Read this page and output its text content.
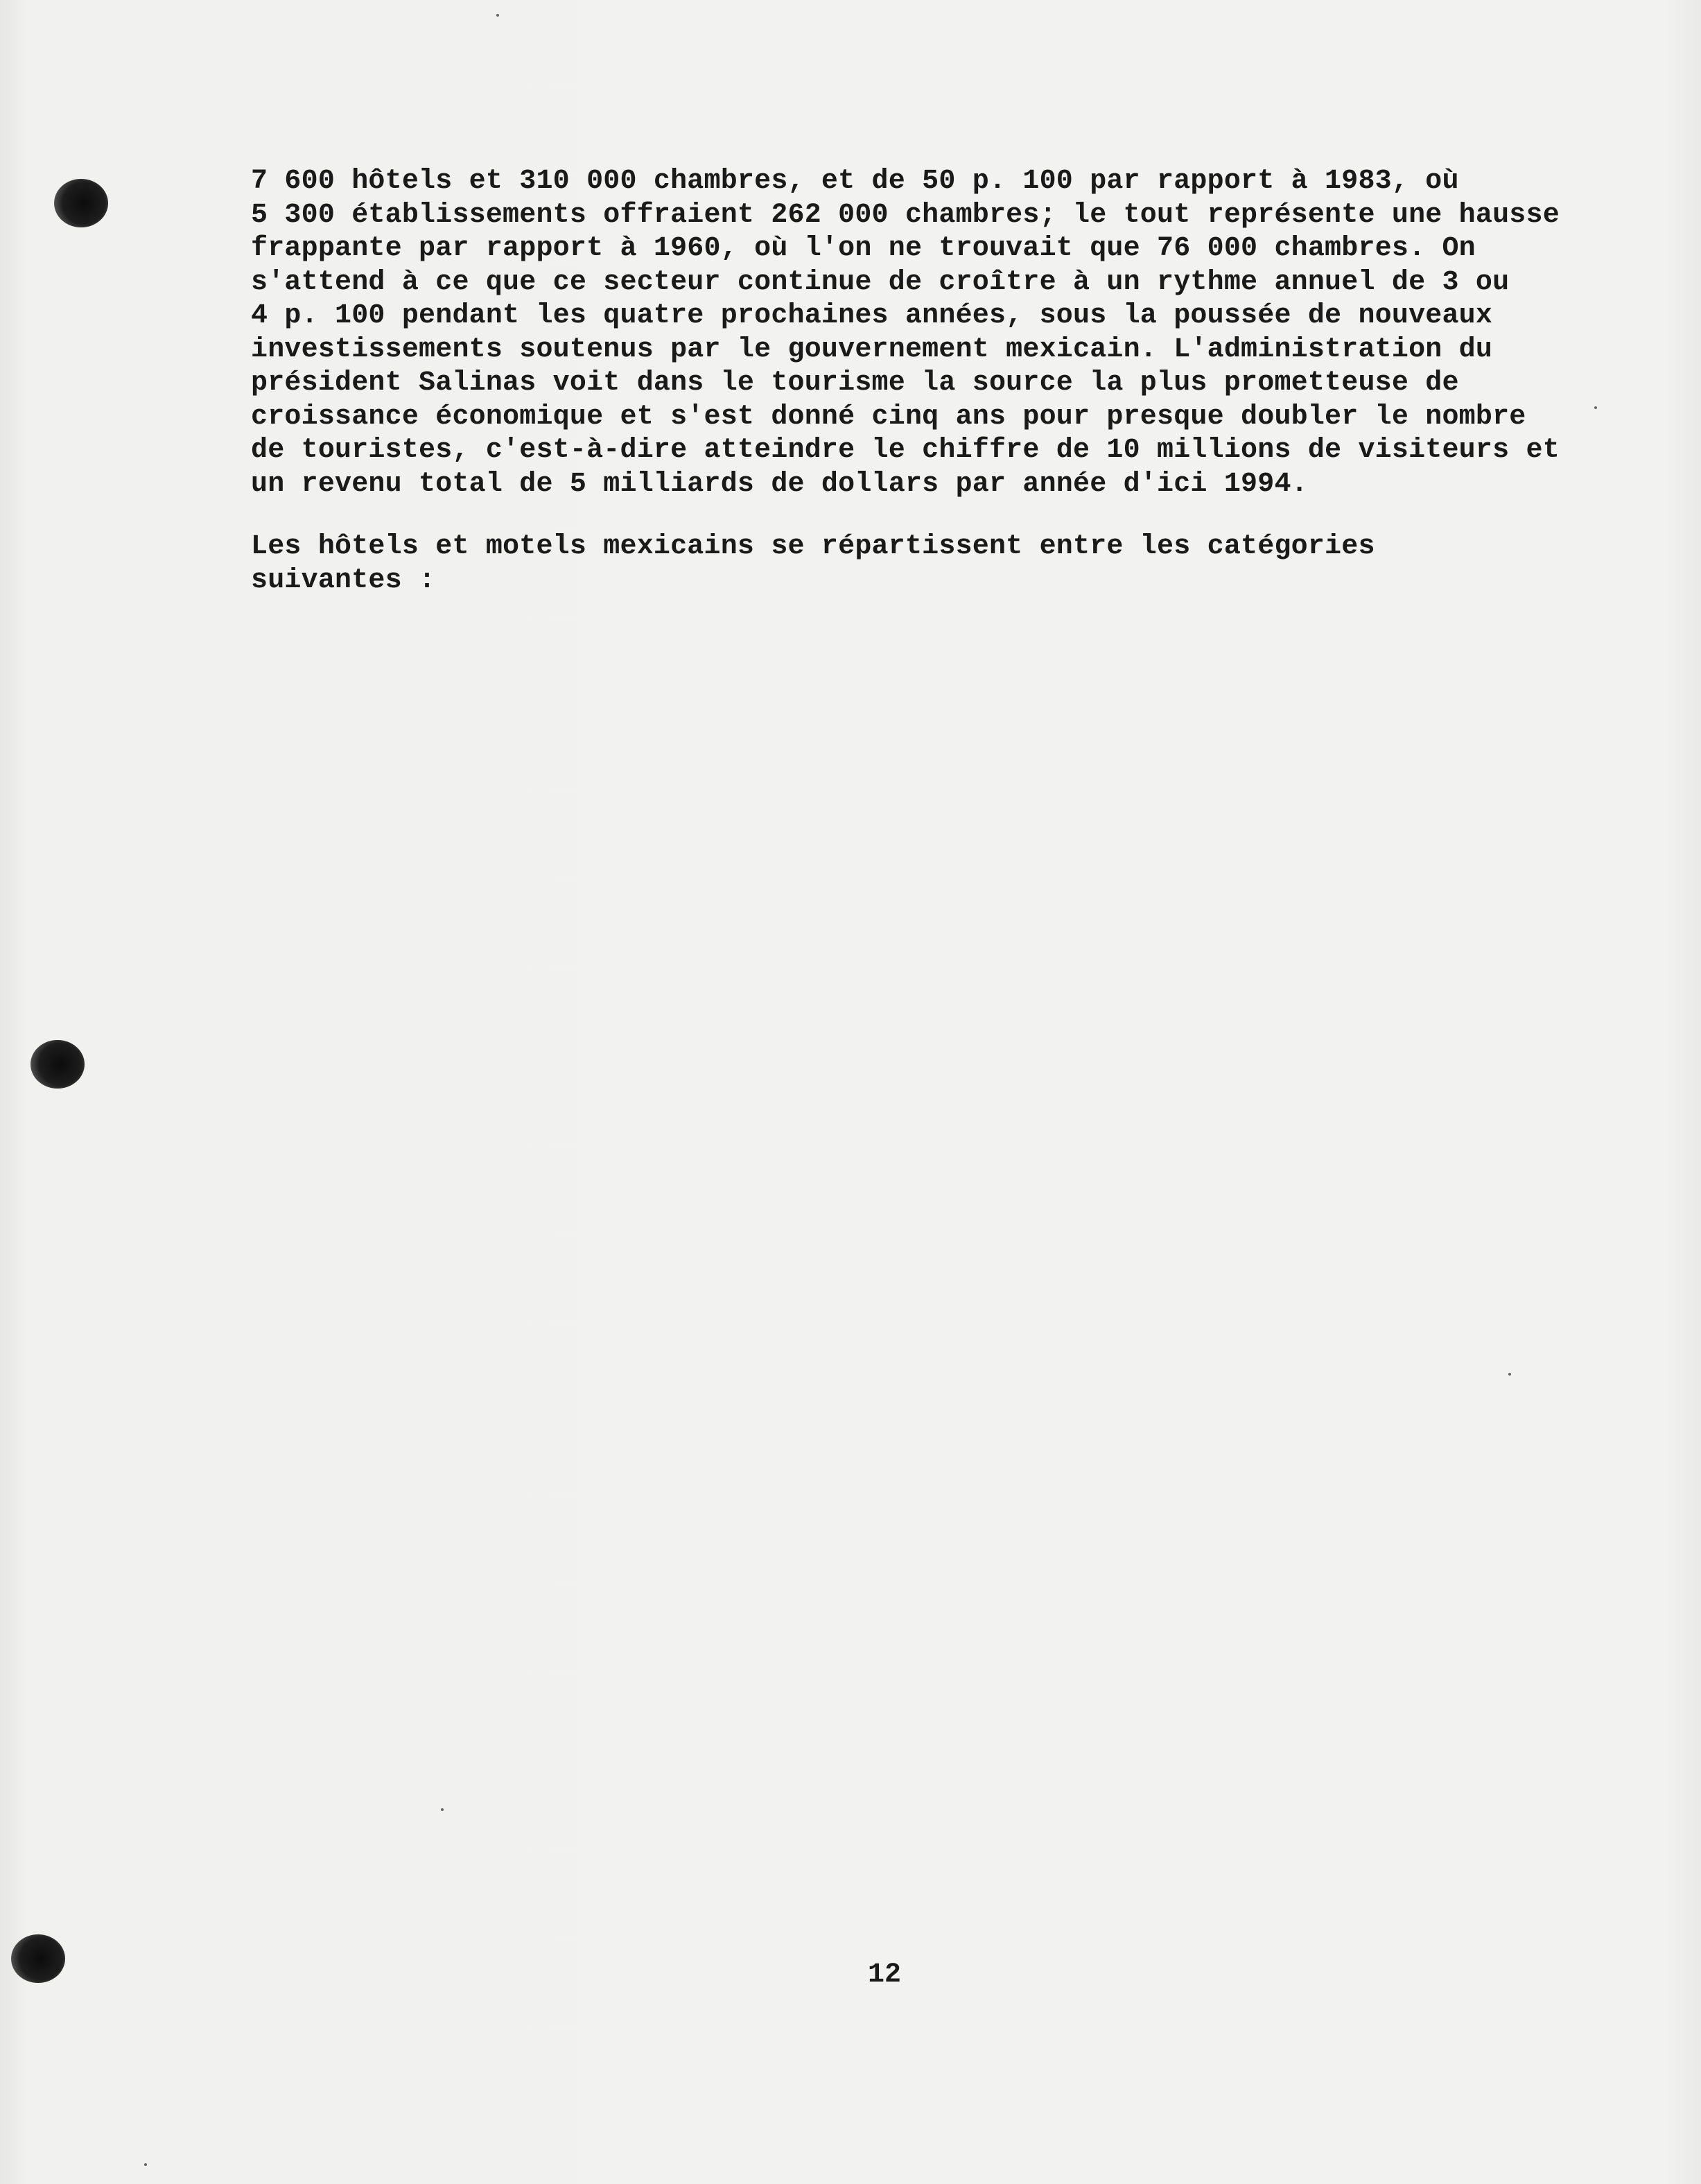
7 600 hôtels et 310 000 chambres, et de 50 p. 100 par rapport à 1983, où
5 300 établissements offraient 262 000 chambres; le tout représente une hausse
frappante par rapport à 1960, où l'on ne trouvait que 76 000 chambres. On
s'attend à ce que ce secteur continue de croître à un rythme annuel de 3 ou
4 p. 100 pendant les quatre prochaines années, sous la poussée de nouveaux
investissements soutenus par le gouvernement mexicain. L'administration du
président Salinas voit dans le tourisme la source la plus prometteuse de
croissance économique et s'est donné cinq ans pour presque doubler le nombre
de touristes, c'est-à-dire atteindre le chiffre de 10 millions de visiteurs et
un revenu total de 5 milliards de dollars par année d'ici 1994.

Les hôtels et motels mexicains se répartissent entre les catégories
suivantes :

12
